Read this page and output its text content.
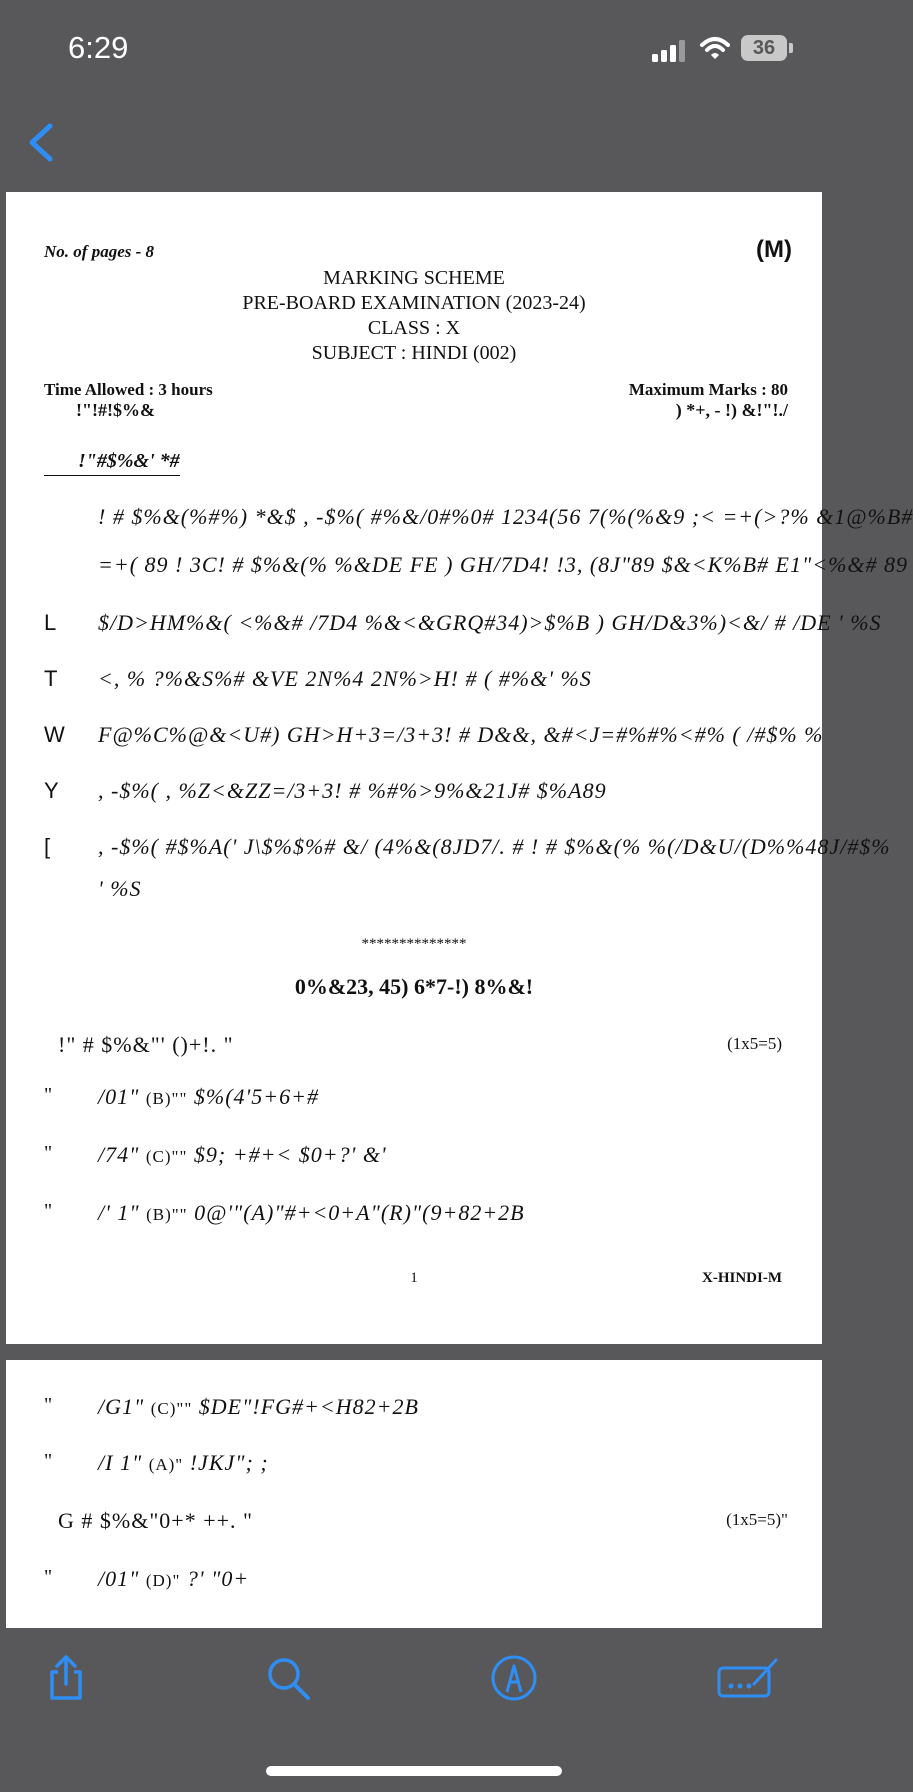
6:29	36
No. of pages - 8	(M)
MARKING SCHEME
PRE-BOARD EXAMINATION (2023-24)
CLASS : X
SUBJECT : HINDI (002)
Time Allowed : 3 hours
!"!#!$%&
Maximum Marks : 80
) *+, - !) &!"!./
!"#$%&' *#
! # $%&(%#%) *&$ , -$%( #%&/0#%0# 1234(56 7(%(%&9 ;< =+(>?% &1@%B#
=+( 89 ! 3C! # $%&(% %&DE FE ) GH/7D4! !3, (8J"89 $&<K%B# E1"<%&# 89
L $/D>HM%&( <%&# /7D4 %&<&GRQ#34)>$%B ) GH/D&3%)<&/ # /DE ' %S
T <, % ?%&S%# &VE 2N%4 2N%>H! # ( #%&' %S
W F@%C%@&<U#) GH>H+3=/3+3! # D&&, &#<J=#%#%<#% ( /#$% %
Y , -$%( , %Z<&ZZ=/3+3! # %#%>9%&21J# $%A89
[ , -$%( #$%A(' J\$%$%# &/ (4%&(8JD7/. # ! # $%&(% %(/D&U/(D%%48J/#$%
' %S
**************
0%&23, 45) 6*7-!) 8%&!
!" # $%&"' ()+!. "	(1x5=5)
" /01" (B)"" $%(4'5+6+#
" /74" (C)"" $9; +#+< $0+?' &'
" /' 1" (B)"" 0@'"(A)"#+<0+A"(R)"(9+82+2B
1	X-HINDI-M
" /G1" (C)"" $DE"!FG#+<H82+2B
" /I 1" (A)" !JKJ"; ;
G # $%&"0+* ++. "	(1x5=5)"
" /01" (D)" ?' "0+
